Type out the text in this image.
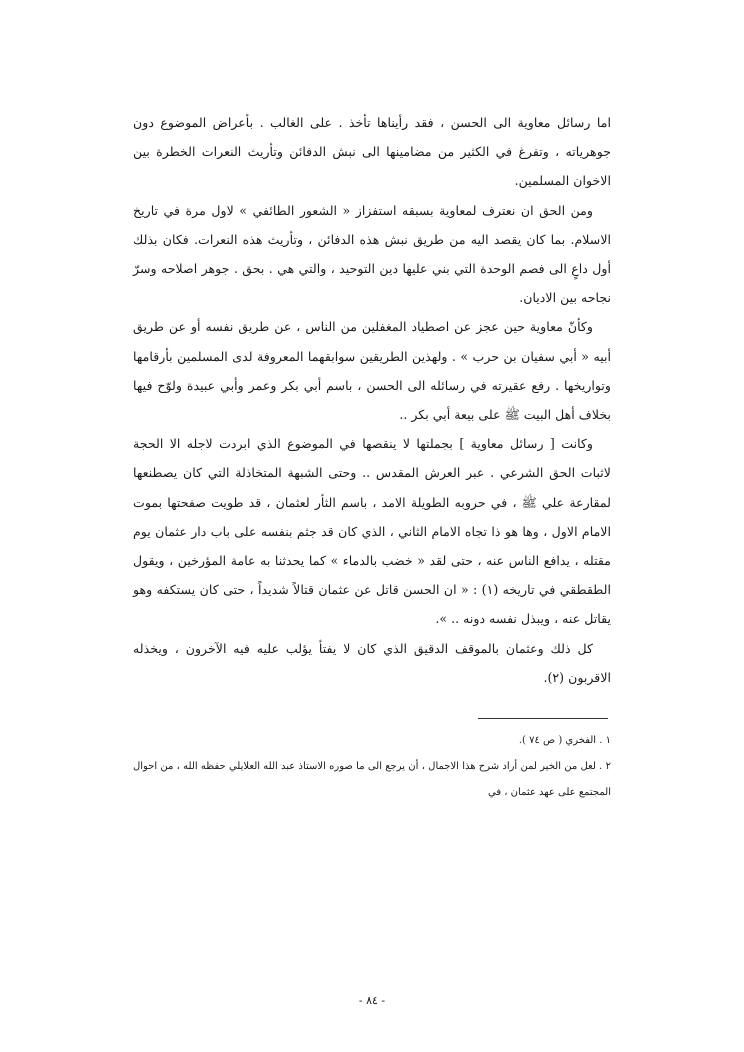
اما رسائل معاوية الى الحسن ، فقد رأيناها تأخذ . على الغالب . بأعراض الموضوع دون جوهرياته ، وتفرغ في الكثير من مضامينها الى نبش الدفائن وتأريث النعرات الخطرة بين الاخوان المسلمين.

ومن الحق ان نعترف لمعاوية بسبقه استفزاز « الشعور الطائفي » لاول مرة في تاريخ الاسلام. بما كان يقصد اليه من طريق نبش هذه الدفائن ، وتأريث هذه النعرات. فكان بذلك أول داعٍ الى فصم الوحدة التي بني عليها دين التوحيد ، والتي هي . بحق . جوهر اصلاحه وسرّ نجاحه بين الاديان.

وكأنّ معاوية حين عجز عن اصطياد المغفلين من الناس ، عن طريق نفسه أو عن طريق أبيه « أبي سفيان بن حرب » . ولهذين الطريقين سوابقهما المعروفة لدى المسلمين بأرقامها وتواريخها . رفع عقيرته في رسائله الى الحسن ، باسم أبي بكر وعمر وأبي عبيدة ولوّح فيها بخلاف أهل البيت ﷺ على بيعة أبي بكر ..

وكانت [ رسائل معاوية ] بجملتها لا ينقصها في الموضوع الذي ابردت لاجله الا الحجة لاثبات الحق الشرعي . عبر العرش المقدس .. وحتى الشبهة المتخاذلة التي كان يصطنعها لمقارعة علي ﷺ ، في حروبه الطويلة الامد ، باسم الثأر لعثمان ، قد طويت صفحتها بموت الامام الاول ، وها هو ذا تجاه الامام الثاني ، الذي كان قد جثم بنفسه على باب دار عثمان يوم مقتله ، يدافع الناس عنه ، حتى لقد « خضب بالدماء » كما يحدثنا به عامة المؤرخين ، ويقول الطقطقي في تاريخه (١) : « ان الحسن قاتل عن عثمان قتالاً شديداً ، حتى كان يستكفه وهو يقاتل عنه ، ويبذل نفسه دونه .. ».

كل ذلك وعثمان بالموقف الدقيق الذي كان لا يفتأ يؤلب عليه فيه الآخرون ، ويخذله الاقربون (٢).

١ . الفخري ( ص ٧٤ ).

٢ . لعل من الخير لمن أراد شرح هذا الاجمال ، أن يرجع الى ما صوره الاستاذ عبد الله العلايلي حفظه الله ، من احوال المجتمع على عهد عثمان ، في

- ٨٤ -
